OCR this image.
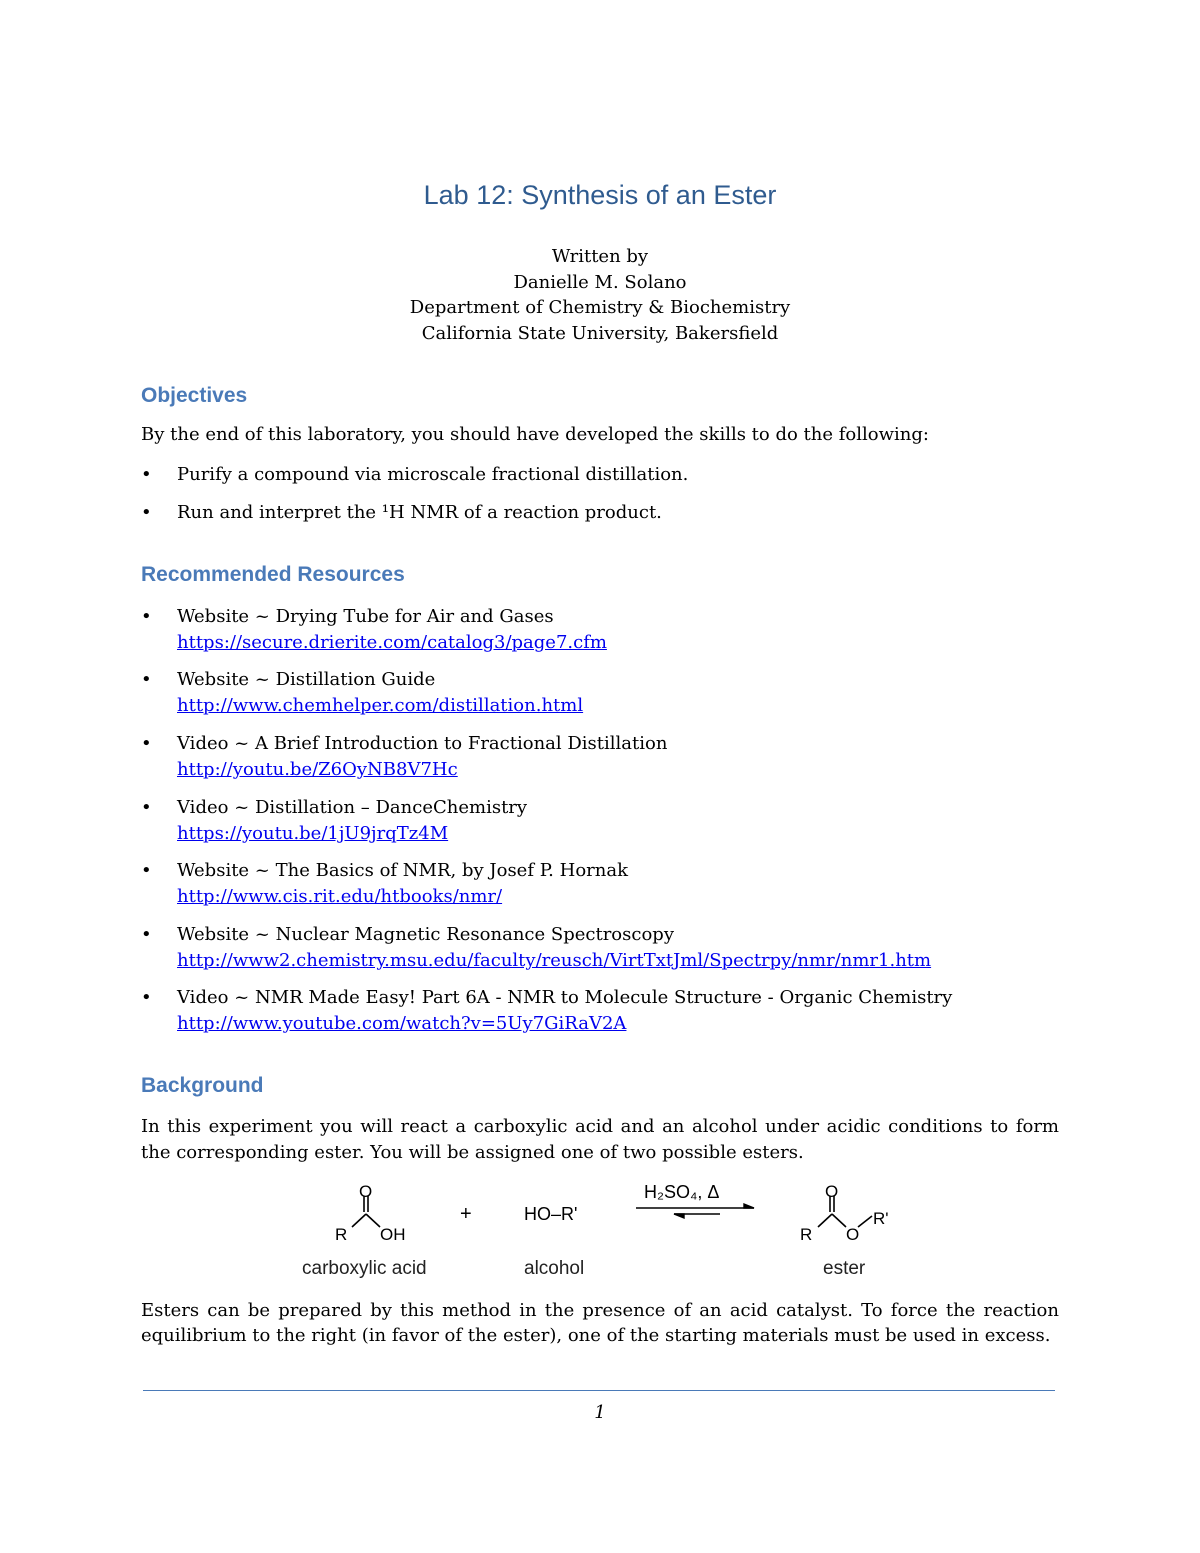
Lab 12: Synthesis of an Ester
Written by
Danielle M. Solano
Department of Chemistry & Biochemistry
California State University, Bakersfield
Objectives
By the end of this laboratory, you should have developed the skills to do the following:
•	Purify a compound via microscale fractional distillation.
•	Run and interpret the ¹H NMR of a reaction product.
Recommended Resources
•	Website ~ Drying Tube for Air and Gases
https://secure.drierite.com/catalog3/page7.cfm
•	Website ~ Distillation Guide
http://www.chemhelper.com/distillation.html
•	Video ~ A Brief Introduction to Fractional Distillation
http://youtu.be/Z6OyNB8V7Hc
•	Video ~ Distillation – DanceChemistry
https://youtu.be/1jU9jrqTz4M
•	Website ~ The Basics of NMR, by Josef P. Hornak
http://www.cis.rit.edu/htbooks/nmr/
•	Website ~ Nuclear Magnetic Resonance Spectroscopy
http://www2.chemistry.msu.edu/faculty/reusch/VirtTxtJml/Spectrpy/nmr/nmr1.htm
•	Video ~ NMR Made Easy! Part 6A - NMR to Molecule Structure - Organic Chemistry
http://www.youtube.com/watch?v=5Uy7GiRaV2A
Background
In this experiment you will react a carboxylic acid and an alcohol under acidic conditions to form
the corresponding ester. You will be assigned one of two possible esters.
O
R OH
+	HO–R'
H₂SO₄, Δ	O
R O
R'
carboxylic acid	alcohol	ester
Esters can be prepared by this method in the presence of an acid catalyst. To force the reaction
equilibrium to the right (in favor of the ester), one of the starting materials must be used in excess.
1
